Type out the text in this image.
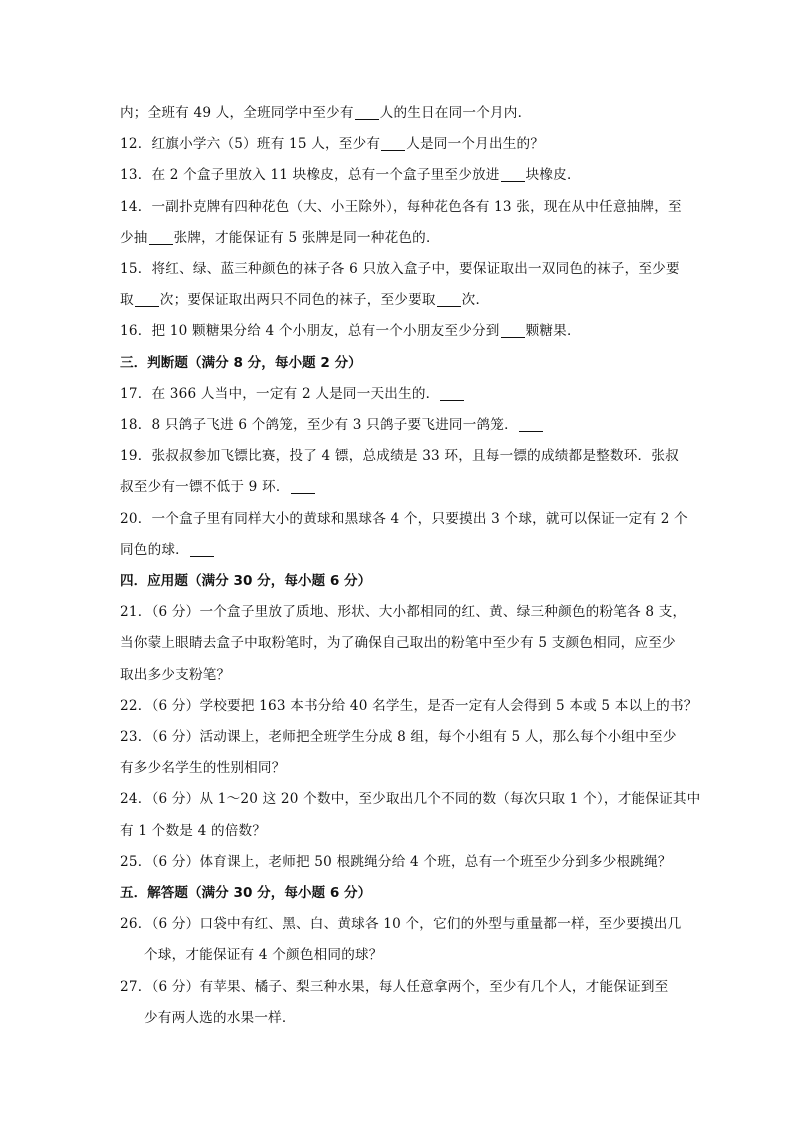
内；全班有 49 人，全班同学中至少有 人的生日在同一个月内．
12．红旗小学六（5）班有 15 人，至少有 人是同一个月出生的？
13．在 2 个盒子里放入 11 块橡皮，总有一个盒子里至少放进 块橡皮．
14．一副扑克牌有四种花色（大、小王除外），每种花色各有 13 张，现在从中任意抽牌，至
少抽 张牌，才能保证有 5 张牌是同一种花色的．
15．将红、绿、蓝三种颜色的袜子各 6 只放入盒子中，要保证取出一双同色的袜子，至少要
取 次；要保证取出两只不同色的袜子，至少要取 次．
16．把 10 颗糖果分给 4 个小朋友，总有一个小朋友至少分到 颗糖果．
三．判断题（满分 8 分，每小题 2 分）
17．在 366 人当中，一定有 2 人是同一天出生的．
18．8 只鸽子飞进 6 个鸽笼，至少有 3 只鸽子要飞进同一鸽笼．
19．张叔叔参加飞镖比赛，投了 4 镖，总成绩是 33 环，且每一镖的成绩都是整数环．张叔
叔至少有一镖不低于 9 环．
20．一个盒子里有同样大小的黄球和黑球各 4 个，只要摸出 3 个球，就可以保证一定有 2 个
同色的球．
四．应用题（满分 30 分，每小题 6 分）
21．（6 分）一个盒子里放了质地、形状、大小都相同的红、黄、绿三种颜色的粉笔各 8 支，
当你蒙上眼睛去盒子中取粉笔时，为了确保自己取出的粉笔中至少有 5 支颜色相同，应至少
取出多少支粉笔？
22．（6 分）学校要把 163 本书分给 40 名学生，是否一定有人会得到 5 本或 5 本以上的书？
23．（6 分）活动课上，老师把全班学生分成 8 组，每个小组有 5 人，那么每个小组中至少
有多少名学生的性别相同？
24．（6 分）从 1～20 这 20 个数中，至少取出几个不同的数（每次只取 1 个），才能保证其中
有 1 个数是 4 的倍数？
25．（6 分）体育课上，老师把 50 根跳绳分给 4 个班，总有一个班至少分到多少根跳绳？
五．解答题（满分 30 分，每小题 6 分）
26．（6 分）口袋中有红、黑、白、黄球各 10 个，它们的外型与重量都一样，至少要摸出几
个球，才能保证有 4 个颜色相同的球？
27．（6 分）有苹果、橘子、梨三种水果，每人任意拿两个，至少有几个人，才能保证到至
少有两人选的水果一样．
